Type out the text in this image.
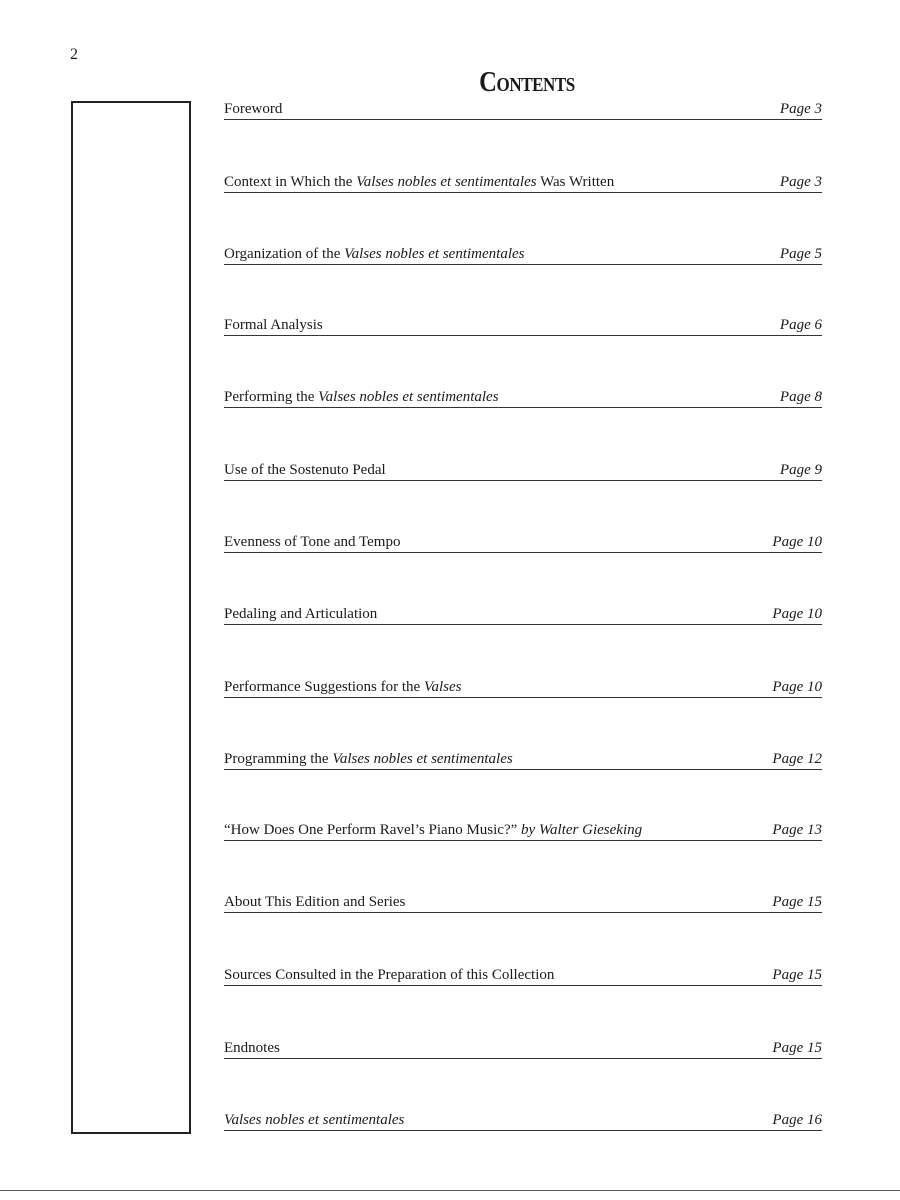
2
Contents
Foreword	Page 3
Context in Which the Valses nobles et sentimentales Was Written	Page 3
Organization of the Valses nobles et sentimentales	Page 5
Formal Analysis	Page 6
Performing the Valses nobles et sentimentales	Page 8
Use of the Sostenuto Pedal	Page 9
Evenness of Tone and Tempo	Page 10
Pedaling and Articulation	Page 10
Performance Suggestions for the Valses	Page 10
Programming the Valses nobles et sentimentales	Page 12
“How Does One Perform Ravel’s Piano Music?” by Walter Gieseking	Page 13
About This Edition and Series	Page 15
Sources Consulted in the Preparation of this Collection	Page 15
Endnotes	Page 15
Valses nobles et sentimentales	Page 16
